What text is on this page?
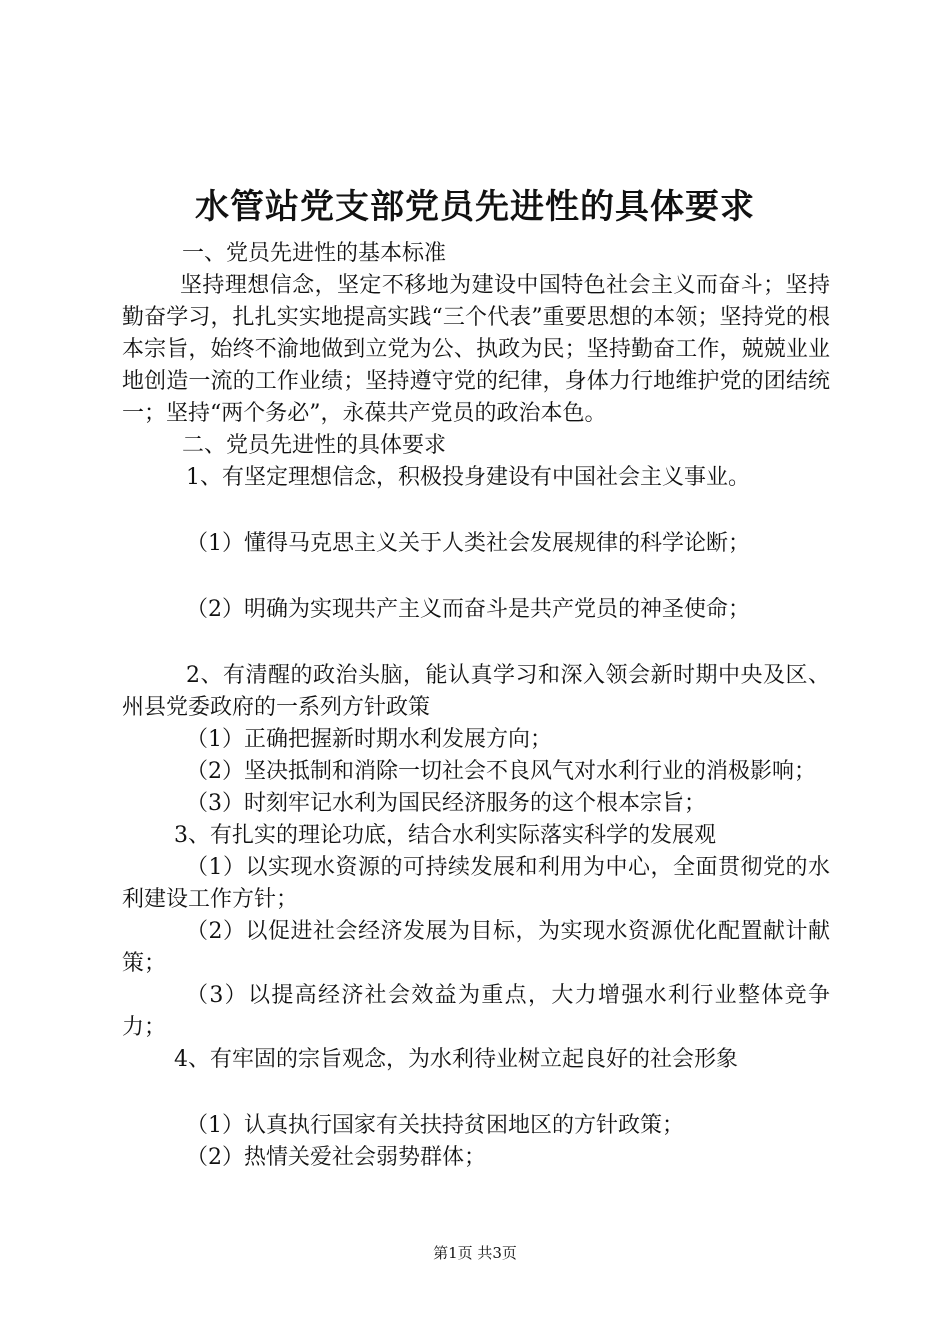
水管站党支部党员先进性的具体要求

一、党员先进性的基本标准

坚持理想信念，坚定不移地为建设中国特色社会主义而奋斗；坚持勤奋学习，扎扎实实地提高实践“三个代表”重要思想的本领；坚持党的根本宗旨，始终不渝地做到立党为公、执政为民；坚持勤奋工作，兢兢业业地创造一流的工作业绩；坚持遵守党的纪律，身体力行地维护党的团结统一；坚持“两个务必”，永葆共产党员的政治本色。

二、党员先进性的具体要求

1、有坚定理想信念，积极投身建设有中国社会主义事业。

（1）懂得马克思主义关于人类社会发展规律的科学论断；

（2）明确为实现共产主义而奋斗是共产党员的神圣使命；

2、有清醒的政治头脑，能认真学习和深入领会新时期中央及区、州县党委政府的一系列方针政策

（1）正确把握新时期水利发展方向；

（2）坚决抵制和消除一切社会不良风气对水利行业的消极影响；

（3）时刻牢记水利为国民经济服务的这个根本宗旨；

3、有扎实的理论功底，结合水利实际落实科学的发展观

（1）以实现水资源的可持续发展和利用为中心，全面贯彻党的水利建设工作方针；

（2）以促进社会经济发展为目标，为实现水资源优化配置献计献策；

（3）以提高经济社会效益为重点，大力增强水利行业整体竞争力；

4、有牢固的宗旨观念，为水利待业树立起良好的社会形象

（1）认真执行国家有关扶持贫困地区的方针政策；

（2）热情关爱社会弱势群体；

第1页 共3页
